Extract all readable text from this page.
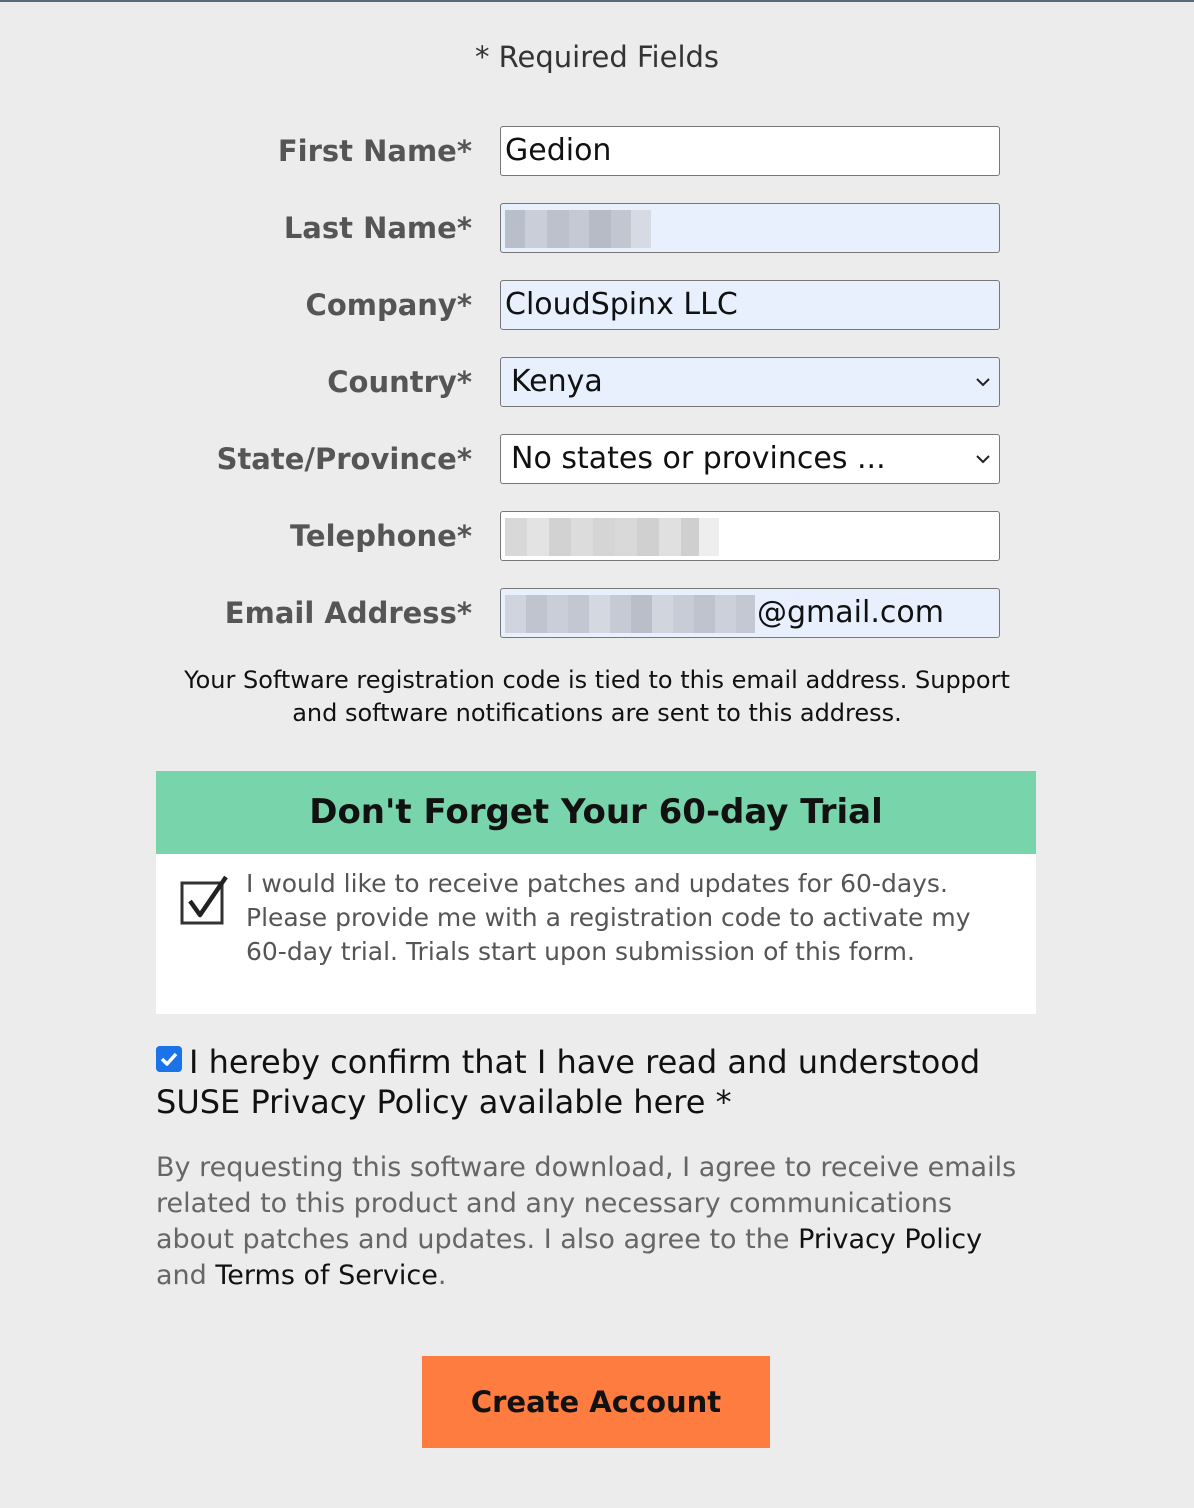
* Required Fields
First Name* Gedion
Last Name*
Company* CloudSpinx LLC
Country*	Kenya
State/Province*	No states or provinces ...
Telephone*
Email Address*	@gmail.com
Your Software registration code is tied to this email address. Support and software notifications are sent to this address.
Don't Forget Your 60-day Trial
I would like to receive patches and updates for 60-days. Please provide me with a registration code to activate my 60-day trial. Trials start upon submission of this form.
I hereby confirm that I have read and understood SUSE Privacy Policy available here *
By requesting this software download, I agree to receive emails related to this product and any necessary communications about patches and updates. I also agree to the Privacy Policy and Terms of Service.
Create Account
